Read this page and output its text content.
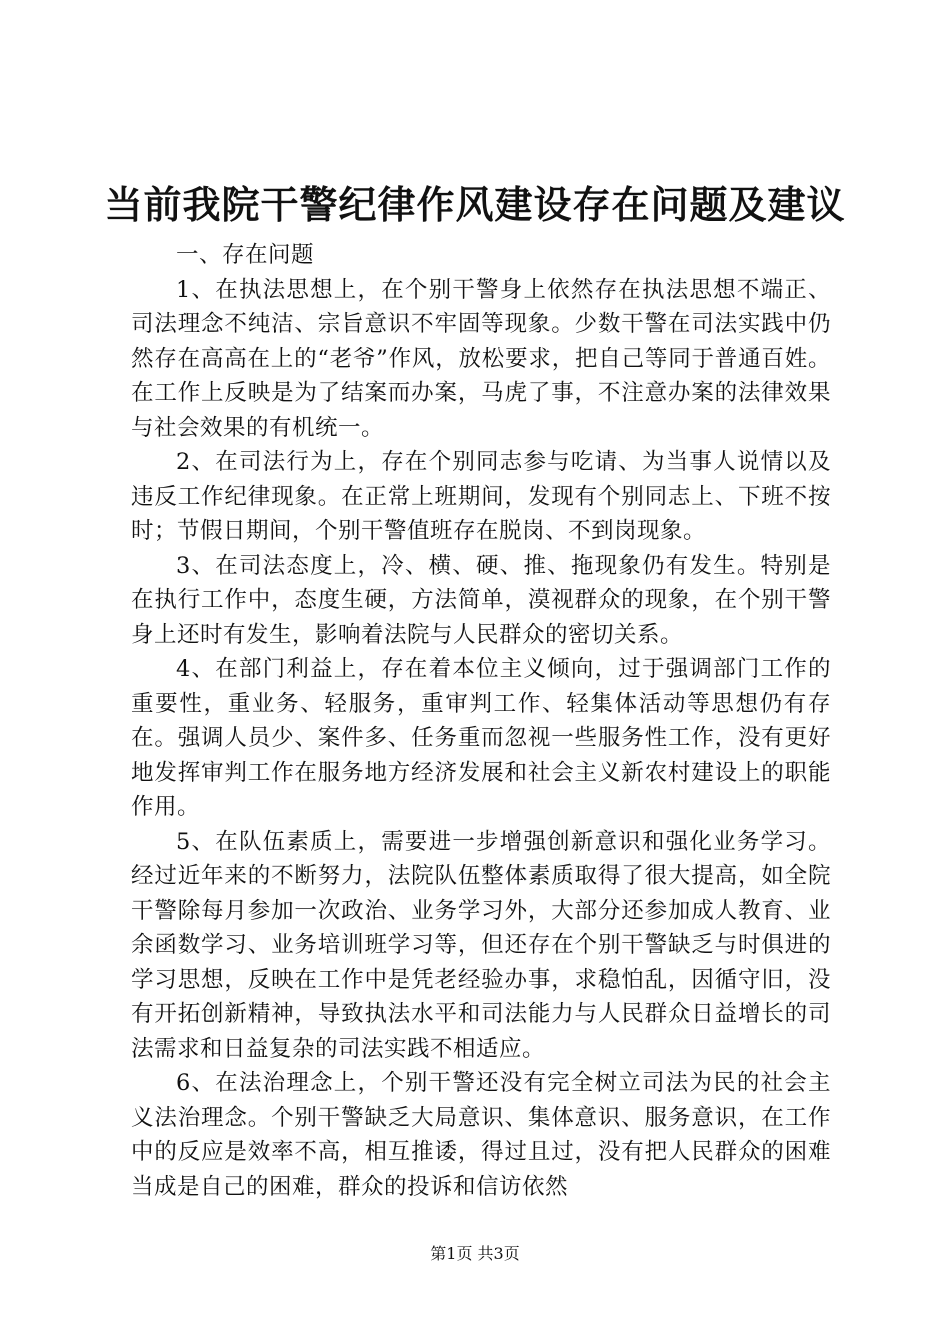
当前我院干警纪律作风建设存在问题及建议

一、存在问题

1、在执法思想上，在个别干警身上依然存在执法思想不端正、司法理念不纯洁、宗旨意识不牢固等现象。少数干警在司法实践中仍然存在高高在上的“老爷”作风，放松要求，把自己等同于普通百姓。在工作上反映是为了结案而办案，马虎了事，不注意办案的法律效果与社会效果的有机统一。

2、在司法行为上，存在个别同志参与吃请、为当事人说情以及违反工作纪律现象。在正常上班期间，发现有个别同志上、下班不按时；节假日期间，个别干警值班存在脱岗、不到岗现象。

3、在司法态度上，冷、横、硬、推、拖现象仍有发生。特别是在执行工作中，态度生硬，方法简单，漠视群众的现象，在个别干警身上还时有发生，影响着法院与人民群众的密切关系。

4、在部门利益上，存在着本位主义倾向，过于强调部门工作的重要性，重业务、轻服务，重审判工作、轻集体活动等思想仍有存在。强调人员少、案件多、任务重而忽视一些服务性工作，没有更好地发挥审判工作在服务地方经济发展和社会主义新农村建设上的职能作用。

5、在队伍素质上，需要进一步增强创新意识和强化业务学习。经过近年来的不断努力，法院队伍整体素质取得了很大提高，如全院干警除每月参加一次政治、业务学习外，大部分还参加成人教育、业余函数学习、业务培训班学习等，但还存在个别干警缺乏与时俱进的学习思想，反映在工作中是凭老经验办事，求稳怕乱，因循守旧，没有开拓创新精神，导致执法水平和司法能力与人民群众日益增长的司法需求和日益复杂的司法实践不相适应。

6、在法治理念上，个别干警还没有完全树立司法为民的社会主义法治理念。个别干警缺乏大局意识、集体意识、服务意识，在工作中的反应是效率不高，相互推诿，得过且过，没有把人民群众的困难当成是自己的困难，群众的投诉和信访依然

第1页 共3页
